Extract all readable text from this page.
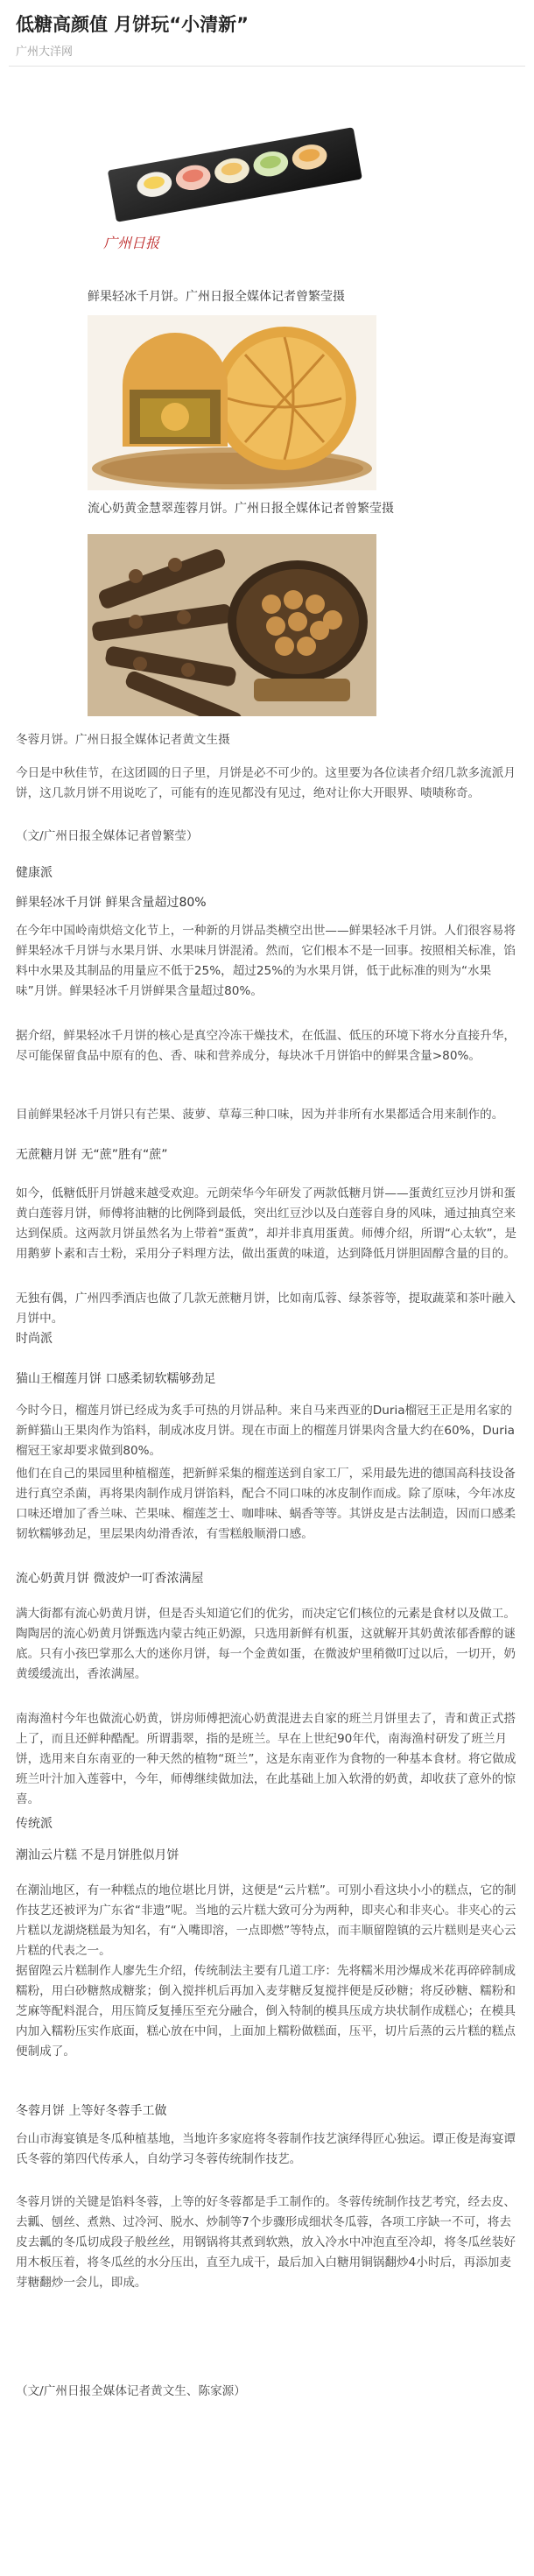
低糖高颜值 月饼玩“小清新”
广州大洋网
广州日报
鲜果轻冰千月饼。广州日报全媒体记者曾繁莹摄
流心奶黄金慧翠莲蓉月饼。广州日报全媒体记者曾繁莹摄

冬蓉月饼。广州日报全媒体记者黄文生摄

今日是中秋佳节，在这团圆的日子里，月饼是必不可少的。这里要为各位读者介绍几款多流派月饼，这几款月饼不用说吃了，可能有的连见都没有见过，绝对让你大开眼界、啧啧称奇。

（文/广州日报全媒体记者曾繁莹）

健康派

鲜果轻冰千月饼 鲜果含量超过80%

在今年中国岭南烘焙文化节上，一种新的月饼品类横空出世——鲜果轻冰千月饼。人们很容易将鲜果轻冰千月饼与水果月饼、水果味月饼混淆。然而，它们根本不是一回事。按照相关标准，馅料中水果及其制品的用量应不低于25%，超过25%的为水果月饼，低于此标准的则为“水果味”月饼。鲜果轻冰千月饼鲜果含量超过80%。

据介绍，鲜果轻冰千月饼的核心是真空冷冻干燥技术，在低温、低压的环境下将水分直接升华，尽可能保留食品中原有的色、香、味和营养成分，每块冰千月饼馅中的鲜果含量>80%。

目前鲜果轻冰千月饼只有芒果、菠萝、草莓三种口味，因为并非所有水果都适合用来制作的。

无蔗糖月饼 无“蔗”胜有“蔗”

如今，低糖低肝月饼越来越受欢迎。元朗荣华今年研发了两款低糖月饼——蛋黄红豆沙月饼和蛋黄白莲蓉月饼，师傅将油糖的比例降到最低，突出红豆沙以及白莲蓉自身的风味，通过抽真空来达到保质。这两款月饼虽然名为上带着“蛋黄”，却并非真用蛋黄。师傅介绍，所谓“心太软”，是用鹅萝卜素和吉士粉，采用分子料理方法，做出蛋黄的味道，达到降低月饼胆固醇含量的目的。

无独有偶，广州四季酒店也做了几款无蔗糖月饼，比如南瓜蓉、绿茶蓉等，提取蔬菜和茶叶融入月饼中。

时尚派

猫山王榴莲月饼 口感柔韧软糯够劲足

今时今日，榴莲月饼已经成为炙手可热的月饼品种。来自马来西亚的Duria榴冠王正是用名家的新鲜猫山王果肉作为馅料，制成冰皮月饼。现在市面上的榴莲月饼果肉含量大约在60%，Duria榴冠王家却要求做到80%。

他们在自己的果园里种植榴莲，把新鲜采集的榴莲送到自家工厂，采用最先进的德国高科技设备进行真空杀菌，再将果肉制作成月饼馅料，配合不同口味的冰皮制作而成。除了原味，今年冰皮口味还增加了香兰味、芒果味、榴莲芝士、咖啡味、蜗香等等。其饼皮是古法制造，因而口感柔韧软糯够劲足，里层果肉幼滑香浓，有雪糕般顺滑口感。

流心奶黄月饼 微波炉一叮香浓满屋

满大街都有流心奶黄月饼，但是否头知道它们的优劣，而决定它们核位的元素是食材以及做工。陶陶居的流心奶黄月饼甄选内蒙古纯正奶源，只选用新鲜有机蛋，这就解开其奶黄浓郁香醇的谜底。只有小孩巴掌那么大的迷你月饼，每一个金黄如蛋，在微波炉里稍微叮过以后，一切开，奶黄缓缓流出，香浓满屋。

南海渔村今年也做流心奶黄，饼房师傅把流心奶黄混进去自家的班兰月饼里去了，青和黄正式搭上了，而且还鲜种酷配。所谓翡翠，指的是班兰。早在上世纪90年代，南海渔村研发了班兰月饼，选用来自东南亚的一种天然的植物“斑兰”，这是东南亚作为食物的一种基本食材。将它做成班兰叶汁加入莲蓉中，今年，师傅继续做加法，在此基础上加入软滑的奶黄，却收获了意外的惊喜。

传统派

潮汕云片糕 不是月饼胜似月饼

在潮汕地区，有一种糕点的地位堪比月饼，这便是“云片糕”。可别小看这块小小的糕点，它的制作技艺还被评为广东省“非遗”呢。当地的云片糕大致可分为两种，即夹心和非夹心。非夹心的云片糕以龙湖烧糕最为知名，有“入嘴即溶，一点即燃”等特点，而丰顺留隍镇的云片糕则是夹心云片糕的代表之一。

据留隍云片糕制作人廖先生介绍，传统制法主要有几道工序：先将糯米用沙爆成米花再碎碎制成糯粉，用白砂糖熬成糖浆；倒入搅拌机后再加入麦芽糖反复搅拌便是反砂糖；将反砂糖、糯粉和芝麻等配料混合，用压简反复捶压至充分融合，倒入特制的模具压成方块状制作成糕心；在模具内加入糯粉压实作底面，糕心放在中间，上面加上糯粉做糕面，压平，切片后蒸的云片糕的糕点便制成了。

冬蓉月饼 上等好冬蓉手工做

台山市海宴镇是冬瓜种植基地，当地许多家庭将冬蓉制作技艺演绎得匠心独运。谭正俊是海宴谭氏冬蓉的第四代传承人，自幼学习冬蓉传统制作技艺。

冬蓉月饼的关键是馅料冬蓉，上等的好冬蓉都是手工制作的。冬蓉传统制作技艺考究，经去皮、去瓤、刨丝、煮熟、过冷河、脱水、炒制等7个步骤形成细状冬瓜蓉，各项工序缺一不可，将去皮去瓤的冬瓜切成段子般丝丝，用钢锅将其煮到软熟，放入冷水中冲泡直至冷却，将冬瓜丝装好用木板压着，将冬瓜丝的水分压出，直至九成干，最后加入白糖用铜锅翻炒4小时后，再添加麦芽糖翻炒一会儿，即成。

（文/广州日报全媒体记者黄文生、陈家源）
